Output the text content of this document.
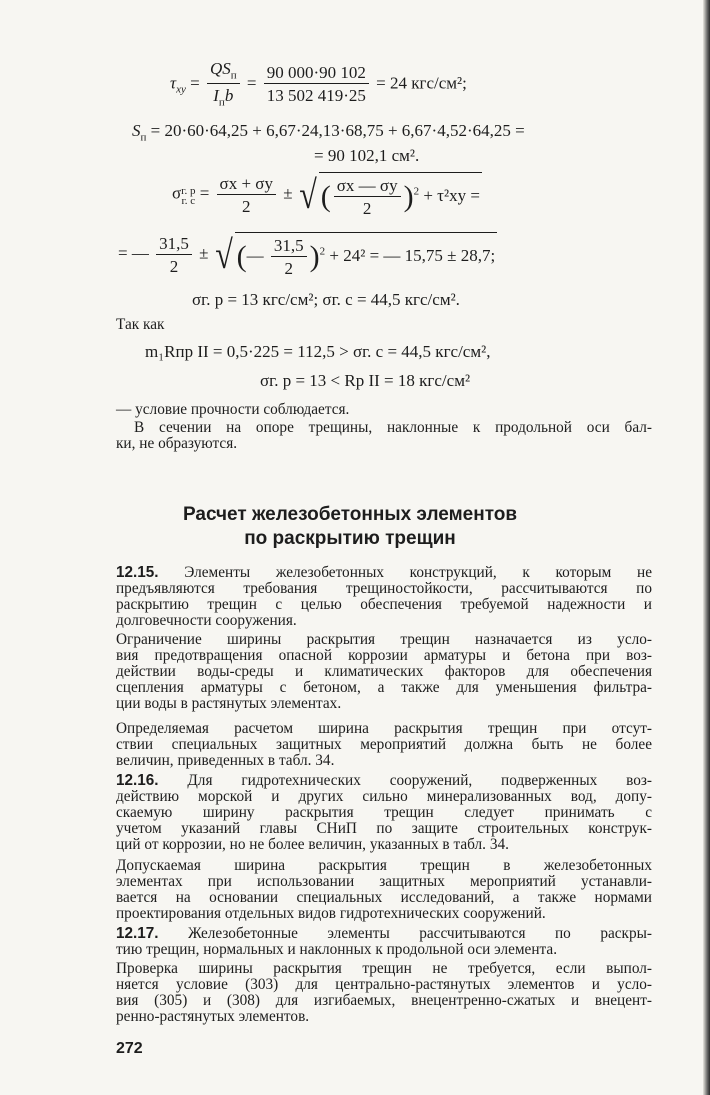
$\tau_{xy} = \frac{QS_п}{I_пb} = \frac{90 000\cdot 90 102}{13 502 419\cdot 25} = 24$ кгс/см²;
$S_п = 20\cdot 60\cdot 64,25 + 6,67\cdot 24,13\cdot 68,75 + 6,67\cdot 4,52\cdot 64,25$ =
= 90 102,1 см².
σг. р
г. $с = \frac{\sigma x + \sigma y}{2}$ ± √ ( $\frac{\sigma x — \sigma y}{2} )^2 + \tau^2xy$ =
= — $\frac{31,5}{2}$ ± √ (— $\frac{31,5}{2} )^2 + 24^2$ = — 15,75 ± 28,7;
σг. р = 13 кгс/см²; σг. с = 44,5 кгс/см².
Так как
m₁Rпр II = 0,5·225 = 112,5 > σг. с = 44,5 кгс/см²,
σг. р = 13 < Rр II = 18 кгс/см²
— условие прочности соблюдается.
В сечении на опоре трещины, наклонные к продольной оси бал-
ки, не образуются.
Расчет железобетонных элементов
по раскрытию трещин
12.15. Элементы железобетонных конструкций, к которым не
предъявляются требования трещиностойкости, рассчитываются по
раскрытию трещин с целью обеспечения требуемой надежности и
долговечности сооружения.
Ограничение ширины раскрытия трещин назначается из усло-
вия предотвращения опасной коррозии арматуры и бетона при воз-
действии воды-среды и климатических факторов для обеспечения
сцепления арматуры с бетоном, а также для уменьшения фильтра-
ции воды в растянутых элементах.
Определяемая расчетом ширина раскрытия трещин при отсут-
ствии специальных защитных мероприятий должна быть не более
величин, приведенных в табл. 34.
12.16. Для гидротехнических сооружений, подверженных воз-
действию морской и других сильно минерализованных вод, допу-
скаемую ширину раскрытия трещин следует принимать с
учетом указаний главы СНиП по защите строительных конструк-
ций от коррозии, но не более величин, указанных в табл. 34.
Допускаемая ширина раскрытия трещин в железобетонных
элементах при использовании защитных мероприятий устанавли-
вается на основании специальных исследований, а также нормами
проектирования отдельных видов гидротехнических сооружений.
12.17. Железобетонные элементы рассчитываются по раскры-
тию трещин, нормальных и наклонных к продольной оси элемента.
Проверка ширины раскрытия трещин не требуется, если выпол-
няется условие (303) для центрально-растянутых элементов и усло-
вия (305) и (308) для изгибаемых, внецентренно-сжатых и внецент-
ренно-растянутых элементов.
272
